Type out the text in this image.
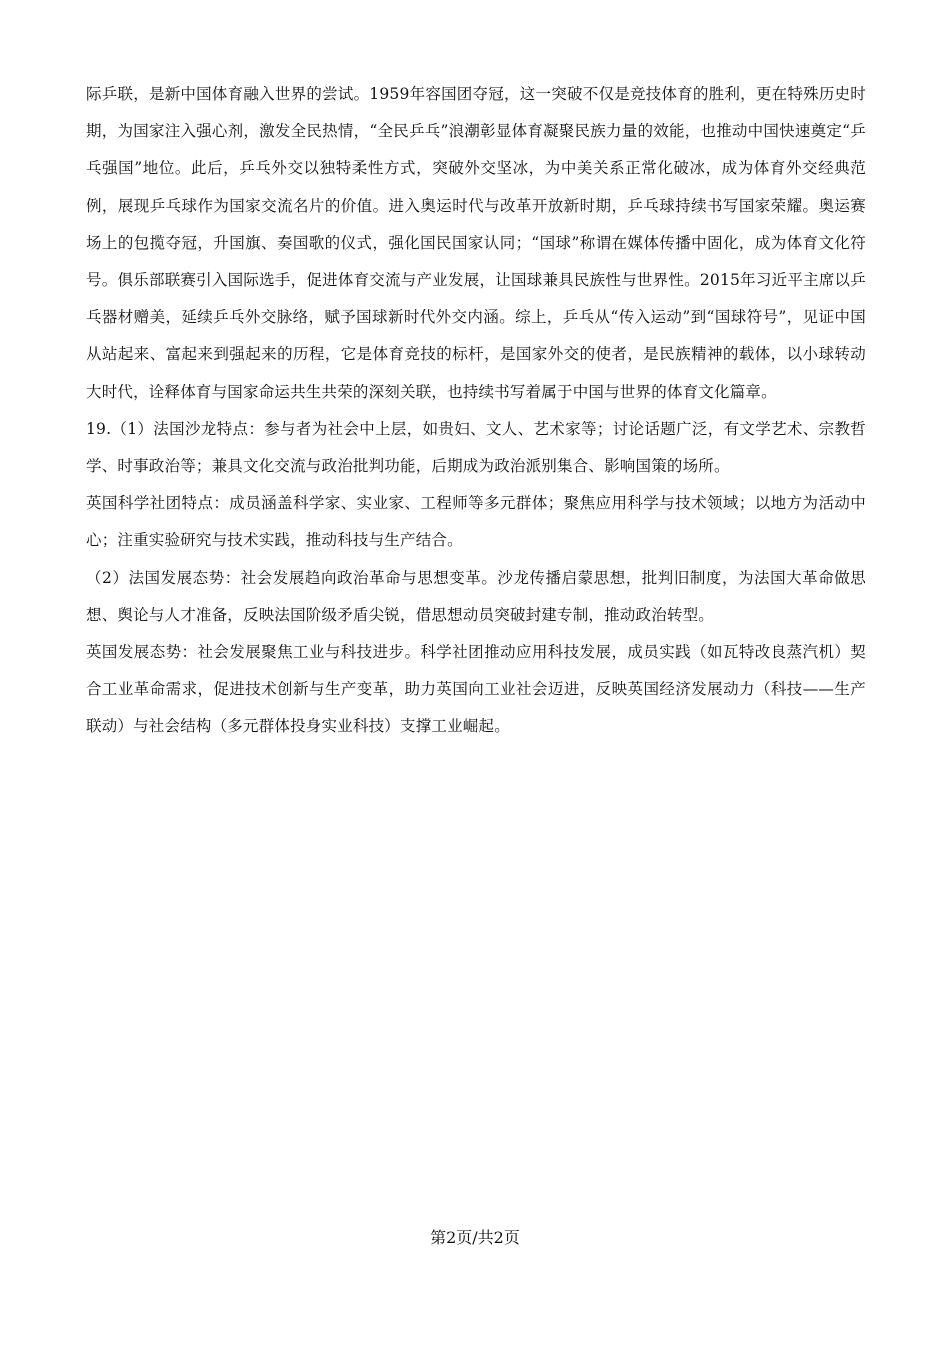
际乒联，是新中国体育融入世界的尝试。1959年容国团夺冠，这一突破不仅是竞技体育的胜利，更在特殊历史时期，为国家注入强心剂，激发全民热情，“全民乒乓”浪潮彰显体育凝聚民族力量的效能，也推动中国快速奠定“乒乓强国”地位。此后，乒乓外交以独特柔性方式，突破外交坚冰，为中美关系正常化破冰，成为体育外交经典范例，展现乒乓球作为国家交流名片的价值。进入奥运时代与改革开放新时期，乒乓球持续书写国家荣耀。奥运赛场上的包揽夺冠，升国旗、奏国歌的仪式，强化国民国家认同；“国球”称谓在媒体传播中固化，成为体育文化符号。俱乐部联赛引入国际选手，促进体育交流与产业发展，让国球兼具民族性与世界性。2015年习近平主席以乒乓器材赠美，延续乒乓外交脉络，赋予国球新时代外交内涵。综上，乒乓从“传入运动”到“国球符号”，见证中国从站起来、富起来到强起来的历程，它是体育竞技的标杆，是国家外交的使者，是民族精神的载体，以小球转动大时代，诠释体育与国家命运共生共荣的深刻关联，也持续书写着属于中国与世界的体育文化篇章。

19.（1）法国沙龙特点：参与者为社会中上层，如贵妇、文人、艺术家等；讨论话题广泛，有文学艺术、宗教哲学、时事政治等；兼具文化交流与政治批判功能，后期成为政治派别集合、影响国策的场所。

英国科学社团特点：成员涵盖科学家、实业家、工程师等多元群体；聚焦应用科学与技术领域；以地方为活动中心；注重实验研究与技术实践，推动科技与生产结合。

（2）法国发展态势：社会发展趋向政治革命与思想变革。沙龙传播启蒙思想，批判旧制度，为法国大革命做思想、舆论与人才准备，反映法国阶级矛盾尖锐，借思想动员突破封建专制，推动政治转型。

英国发展态势：社会发展聚焦工业与科技进步。科学社团推动应用科技发展，成员实践（如瓦特改良蒸汽机）契合工业革命需求，促进技术创新与生产变革，助力英国向工业社会迈进，反映英国经济发展动力（科技——生产联动）与社会结构（多元群体投身实业科技）支撑工业崛起。

第2页/共2页
